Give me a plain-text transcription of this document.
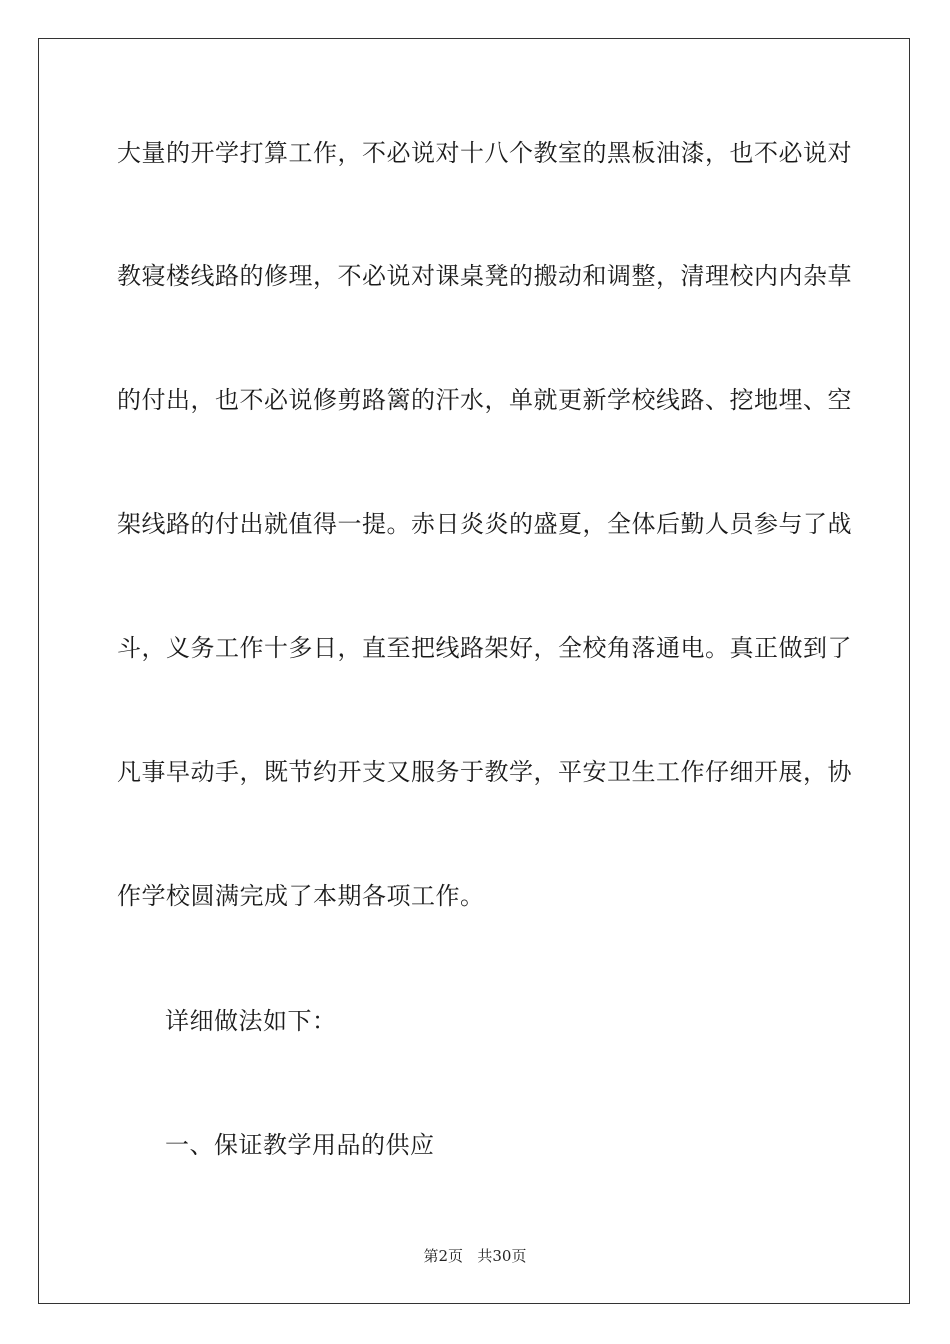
大量的开学打算工作，不必说对十八个教室的黑板油漆，也不必说对
教寝楼线路的修理，不必说对课桌凳的搬动和调整，清理校内内杂草
的付出，也不必说修剪路篱的汗水，单就更新学校线路、挖地埋、空
架线路的付出就值得一提。赤日炎炎的盛夏，全体后勤人员参与了战
斗，义务工作十多日，直至把线路架好，全校角落通电。真正做到了
凡事早动手，既节约开支又服务于教学，平安卫生工作仔细开展，协
作学校圆满完成了本期各项工作。
详细做法如下：
一、保证教学用品的供应
第2页 共30页
